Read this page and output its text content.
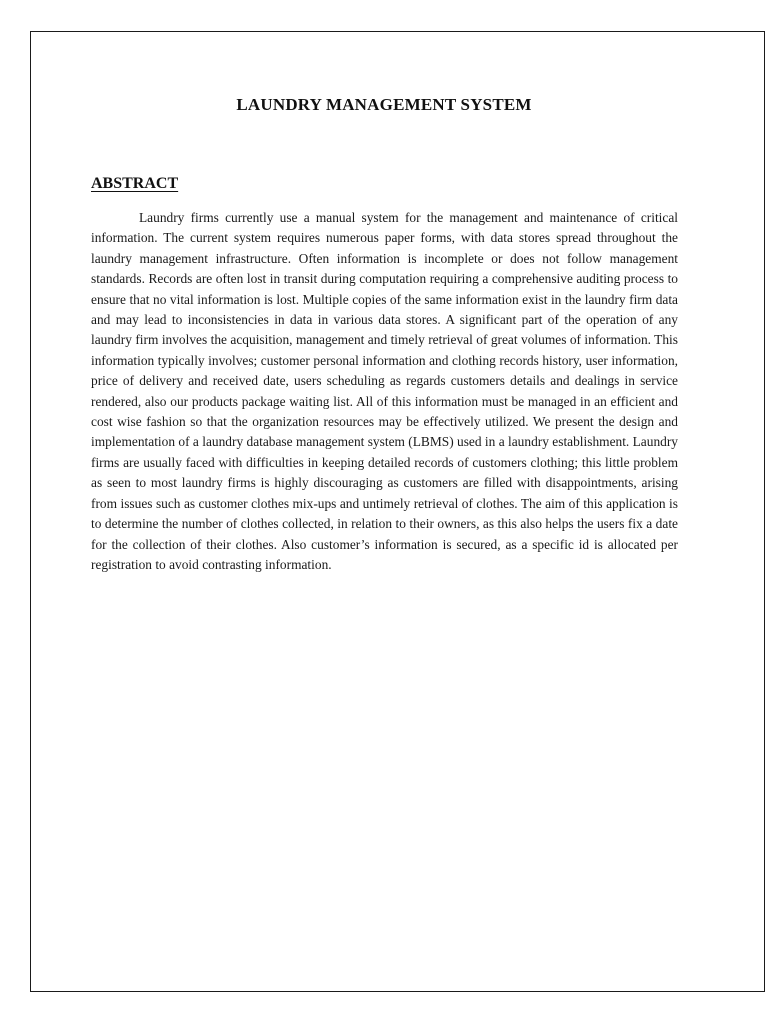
LAUNDRY MANAGEMENT SYSTEM
ABSTRACT

Laundry firms currently use a manual system for the management and maintenance of critical information. The current system requires numerous paper forms, with data stores spread throughout the laundry management infrastructure. Often information is incomplete or does not follow management standards. Records are often lost in transit during computation requiring a comprehensive auditing process to ensure that no vital information is lost. Multiple copies of the same information exist in the laundry firm data and may lead to inconsistencies in data in various data stores. A significant part of the operation of any laundry firm involves the acquisition, management and timely retrieval of great volumes of information. This information typically involves; customer personal information and clothing records history, user information, price of delivery and received date, users scheduling as regards customers details and dealings in service rendered, also our products package waiting list. All of this information must be managed in an efficient and cost wise fashion so that the organization resources may be effectively utilized. We present the design and implementation of a laundry database management system (LBMS) used in a laundry establishment. Laundry firms are usually faced with difficulties in keeping detailed records of customers clothing; this little problem as seen to most laundry firms is highly discouraging as customers are filled with disappointments, arising from issues such as customer clothes mix-ups and untimely retrieval of clothes. The aim of this application is to determine the number of clothes collected, in relation to their owners, as this also helps the users fix a date for the collection of their clothes. Also customer’s information is secured, as a specific id is allocated per registration to avoid contrasting information.
